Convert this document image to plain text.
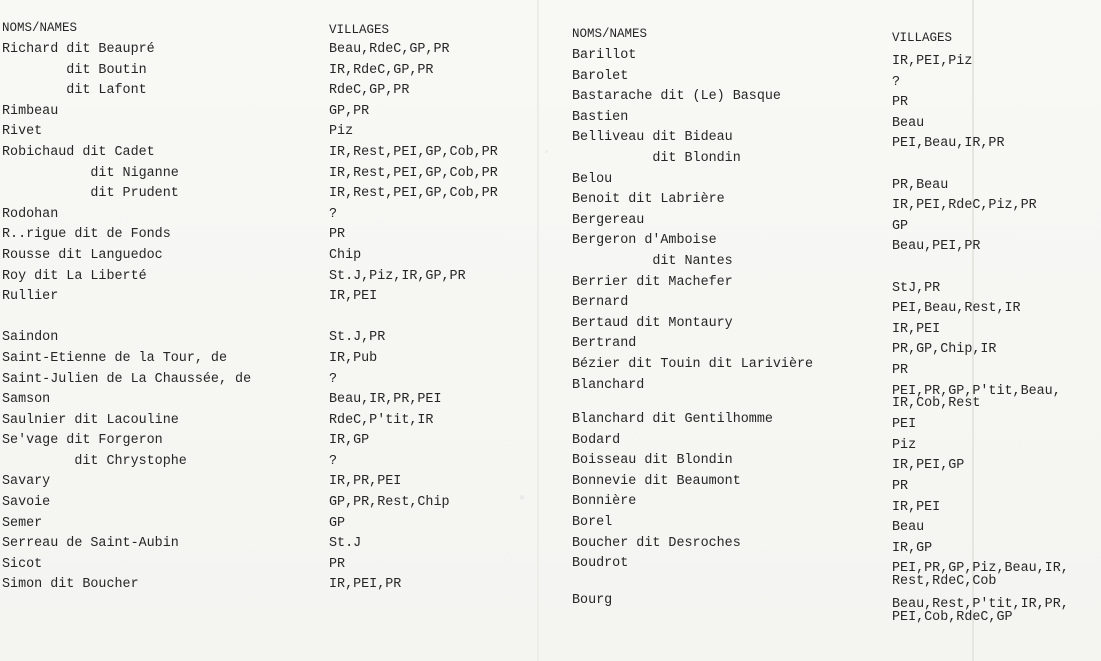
NOMS/NAMES
Richard dit Beaupré
dit Boutin
dit Lafont
Rimbeau
Rivet
Robichaud dit Cadet
dit Niganne
dit Prudent
Rodohan
R..rigue dit de Fonds
Rousse dit Languedoc
Roy dit La Liberté
Rullier
Saindon
Saint-Etienne de la Tour, de
Saint-Julien de La Chaussée, de
Samson
Saulnier dit Lacouline
Se'vage dit Forgeron
dit Chrystophe
Savary
Savoie
Semer
Serreau de Saint-Aubin
Sicot
Simon dit Boucher
VILLAGES
Beau,RdeC,GP,PR
IR,RdeC,GP,PR
RdeC,GP,PR
GP,PR
Piz
IR,Rest,PEI,GP,Cob,PR
IR,Rest,PEI,GP,Cob,PR
IR,Rest,PEI,GP,Cob,PR
?
PR
Chip
St.J,Piz,IR,GP,PR
IR,PEI
St.J,PR
IR,Pub
?
Beau,IR,PR,PEI
RdeC,P'tit,IR
IR,GP
?
IR,PR,PEI
GP,PR,Rest,Chip
GP
St.J
PR
IR,PEI,PR
NOMS/NAMES
Barillot
Barolet
Bastarache dit (Le) Basque
Bastien
Belliveau dit Bideau
dit Blondin
Belou
Benoit dit Labrière
Bergereau
Bergeron d'Amboise
dit Nantes
Berrier dit Machefer
Bernard
Bertaud dit Montaury
Bertrand
Bézier dit Touin dit Larivière
Blanchard
Blanchard dit Gentilhomme
Bodard
Boisseau dit Blondin
Bonnevie dit Beaumont
Bonnière
Borel
Boucher dit Desroches
Boudrot
Bourg
VILLAGES
IR,PEI,Piz
?
PR
Beau
PEI,Beau,IR,PR
PR,Beau
IR,PEI,RdeC,Piz,PR
GP
Beau,PEI,PR
StJ,PR
PEI,Beau,Rest,IR
IR,PEI
PR,GP,Chip,IR
PR
PEI,PR,GP,P'tit,Beau,
IR,Cob,Rest
PEI
Piz
IR,PEI,GP
PR
IR,PEI
Beau
IR,GP
PEI,PR,GP,Piz,Beau,IR,
Rest,RdeC,Cob
Beau,Rest,P'tit,IR,PR,
PEI,Cob,RdeC,GP
